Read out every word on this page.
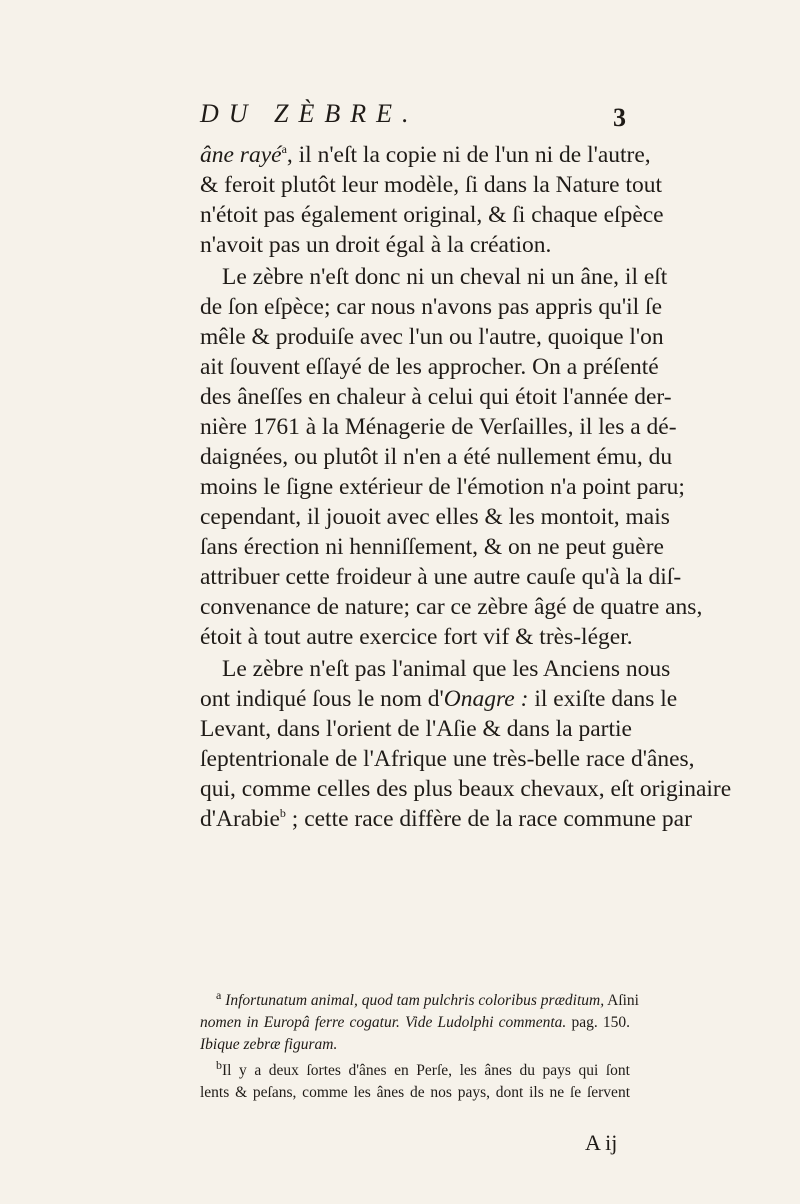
DU ZÈBRE.	3
âne rayé$^a$, il n'eſt la copie ni de l'un ni de l'autre,
& feroit plutôt leur modèle, ſi dans la Nature tout
n'étoit pas également original, & ſi chaque eſpèce
n'avoit pas un droit égal à la création.
Le zèbre n'eſt donc ni un cheval ni un âne, il eſt
de ſon eſpèce; car nous n'avons pas appris qu'il ſe
mêle & produiſe avec l'un ou l'autre, quoique l'on
ait ſouvent eſſayé de les approcher. On a préſenté
des âneſſes en chaleur à celui qui étoit l'année der-
nière 1761 à la Ménagerie de Verſailles, il les a dé-
daignées, ou plutôt il n'en a été nullement ému, du
moins le ſigne extérieur de l'émotion n'a point paru;
cependant, il jouoit avec elles & les montoit, mais
ſans érection ni henniſſement, & on ne peut guère
attribuer cette froideur à une autre cauſe qu'à la diſ-
convenance de nature; car ce zèbre âgé de quatre ans,
étoit à tout autre exercice fort vif & très-léger.
Le zèbre n'eſt pas l'animal que les Anciens nous
ont indiqué ſous le nom d'Onagre : il exiſte dans le
Levant, dans l'orient de l'Aſie & dans la partie
ſeptentrionale de l'Afrique une très-belle race d'ânes,
qui, comme celles des plus beaux chevaux, eſt originaire
d'Arabie$^b$ ; cette race diffère de la race commune par
$^a$ Infortunatum animal, quod tam pulchris coloribus præditum, Aſini
nomen in Europâ ferre cogatur. Vide Ludolphi commenta. pag. 150.
Ibique zebræ figuram.
$^b$Il y a deux ſortes d'ânes en Perſe, les ânes du pays qui ſont
lents & peſans, comme les ânes de nos pays, dont ils ne ſe ſervent
A ij
